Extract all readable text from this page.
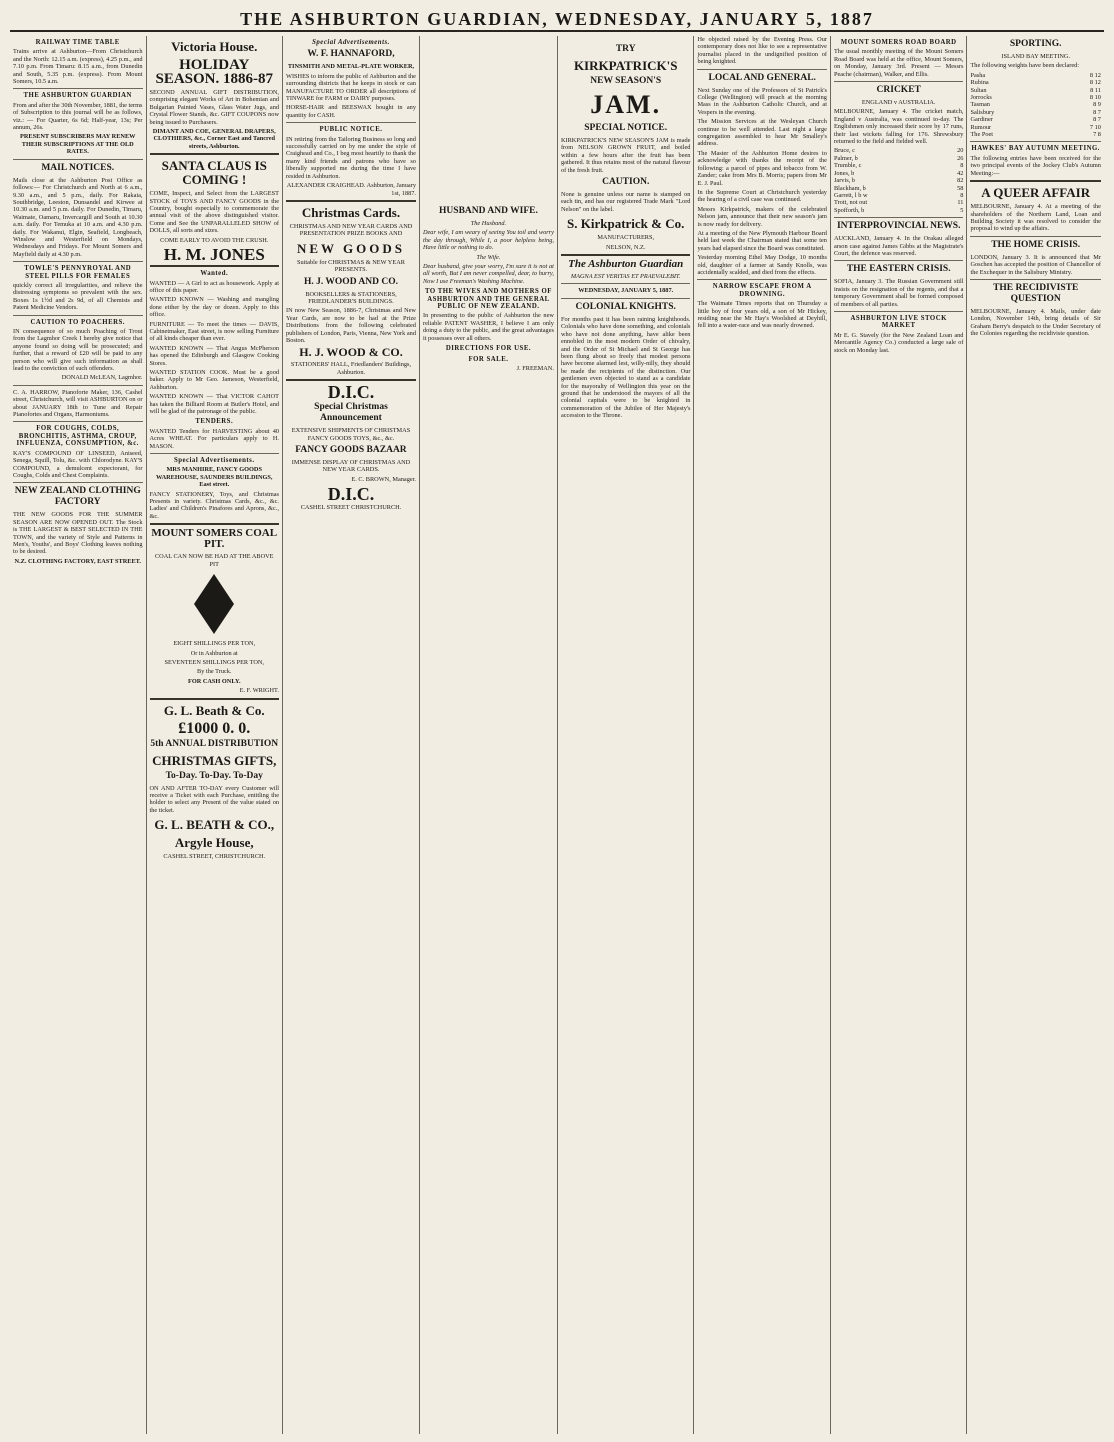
THE ASHBURTON GUARDIAN, WEDNESDAY, JANUARY 5, 1887
RAILWAY TIME TABLE

Trains arrive at Ashburton—From Christchurch and the North: 12.15 a.m. (express), 4.25 p.m., and 7.10 p.m. From Timaru: 8.15 a.m., from Dunedin and South, 5.35 p.m. (express). From Mount Somers, 10.5 a.m.

THE ASHBURTON GUARDIAN

From and after the 30th November, 1881, the terms of Subscription to this journal will be as follows, viz.: — For Quarter, 6s 6d; Half-year, 13s; Per annum, 26s.

PRESENT SUBSCRIBERS MAY RENEW THEIR SUBSCRIPTIONS AT THE OLD RATES.

MAIL NOTICES.

Mails close at the Ashburton Post Office as follows:— For Christchurch and North at 6 a.m., 9.30 a.m., and 5 p.m., daily. For Rakaia, Southbridge, Leeston, Dunsandel and Kirwee at 10.30 a.m. and 5 p.m. daily. For Dunedin, Timaru, Waimate, Oamaru, Invercargill and South at 10.30 a.m. daily. For Temuka at 10 a.m. and 4.30 p.m. daily. For Wakanui, Elgin, Seafield, Longbeach, Winslow and Westerfield on Mondays, Wednesdays and Fridays. For Mount Somers and Mayfield daily at 4.30 p.m.

TOWLE'S PENNYROYAL AND STEEL PILLS FOR FEMALES

quickly correct all irregularities, and relieve the distressing symptoms so prevalent with the sex. Boxes 1s 1½d and 2s 9d, of all Chemists and Patent Medicine Vendors.

CAUTION TO POACHERS.

IN consequence of so much Poaching of Trout from the Lagmhor Creek I hereby give notice that anyone found so doing will be prosecuted; and further, that a reward of £20 will be paid to any person who will give such information as shall lead to the conviction of such offenders.

DONALD McLEAN, Lagmhor.

C. A. HARROW, Pianoforte Maker, 136, Cashel street, Christchurch, will visit ASHBURTON on or about JANUARY 18th to Tune and Repair Pianofortes and Organs, Harmoniums.

FOR COUGHS, COLDS, BRONCHITIS, ASTHMA, CROUP, INFLUENZA, CONSUMPTION, &c.

KAY'S COMPOUND OF LINSEED, Aniseed, Senega, Squill, Tolu, &c. with Chlorodyne. KAY'S COMPOUND, a demulcent expectorant, for Coughs, Colds and Chest Complaints.

NEW ZEALAND CLOTHING FACTORY

THE NEW GOODS FOR THE SUMMER SEASON ARE NOW OPENED OUT. The Stock is THE LARGEST & BEST SELECTED IN THE TOWN, and the variety of Style and Patterns in Men's, Youths', and Boys' Clothing leaves nothing to be desired.

N.Z. CLOTHING FACTORY, EAST STREET.

Victoria House.
HOLIDAY SEASON. 1886-87

SECOND ANNUAL GIFT DISTRIBUTION, comprising elegant Works of Art in Bohemian and Bulgarian Painted Vases, Glass Water Jugs, and Crystal Flower Stands, &c. GIFT COUPONS now being issued to Purchasers.

DIMANT AND COE, GENERAL DRAPERS, CLOTHIERS, &c., Corner East and Tancred streets, Ashburton.

SANTA CLAUS IS COMING !

COME, Inspect, and Select from the LARGEST STOCK of TOYS AND FANCY GOODS in the Country, bought especially to commemorate the annual visit of the above distinguished visitor. Come and See the UNPARALLELED SHOW of DOLLS, all sorts and sizes.

COME EARLY TO AVOID THE CRUSH.

H. M. JONES
Wanted.

WANTED — A Girl to act as housework. Apply at office of this paper.

WANTED KNOWN — Washing and mangling done either by the day or dozen. Apply to this office.

FURNITURE — To meet the times — DAVIS, Cabinetmaker, East street, is now selling Furniture of all kinds cheaper than ever.

WANTED KNOWN — That Angus McPherson has opened the Edinburgh and Glasgow Cooking Stores.

WANTED STATION COOK. Must be a good baker. Apply to Mr Geo. Jameson, Westerfield, Ashburton.

WANTED KNOWN — That VICTOR CAHOT has taken the Billiard Room at Butler's Hotel, and will be glad of the patronage of the public.

TENDERS.

WANTED Tenders for HARVESTING about 40 Acres WHEAT. For particulars apply to H. MASON.

Special Advertisements.

MRS MANHIRE, FANCY GOODS WAREHOUSE, SAUNDERS BUILDINGS, East street.

FANCY STATIONERY, Toys, and Christmas Presents in variety. Christmas Cards, &c., &c. Ladies' and Children's Pinafores and Aprons, &c., &c.

MOUNT SOMERS COAL PIT.

COAL CAN NOW BE HAD AT THE ABOVE PIT

EIGHT SHILLINGS PER TON,

Or in Ashburton at

SEVENTEEN SHILLINGS PER TON,

By the Truck.

FOR CASH ONLY.

E. F. WRIGHT.

G. L. Beath & Co.
£1000 0. 0.
5th ANNUAL DISTRIBUTION
CHRISTMAS GIFTS,
To-Day. To-Day. To-Day

ON AND AFTER TO-DAY every Customer will receive a Ticket with each Purchase, entitling the holder to select any Present of the value stated on the ticket.

G. L. BEATH & CO.,
Argyle House,

CASHEL STREET, CHRISTCHURCH.

Special Advertisements.
W. F. HANNAFORD,

TINSMITH AND METAL-PLATE WORKER,

WISHES to inform the public of Ashburton and the surrounding districts that he keeps in stock or can MANUFACTURE TO ORDER all descriptions of TINWARE for FARM or DAIRY purposes.

HORSE-HAIR and BEESWAX bought in any quantity for CASH.

PUBLIC NOTICE.

IN retiring from the Tailoring Business so long and successfully carried on by me under the style of Craighead and Co., I beg most heartily to thank the many kind friends and patrons who have so liberally supported me during the time I have resided in Ashburton.

ALEXANDER CRAIGHEAD. Ashburton, January 1st, 1887.

Christmas Cards.

CHRISTMAS AND NEW YEAR CARDS AND PRESENTATION PRIZE BOOKS AND

NEW GOODS

Suitable for CHRISTMAS & NEW YEAR PRESENTS.

H. J. WOOD AND CO.

BOOKSELLERS & STATIONERS, FRIEDLANDER'S BUILDINGS.

IN now New Season, 1886-7, Christmas and New Year Cards, are now to be had at the Prize Distributions from the following celebrated publishers of London, Paris, Vienna, New York and Boston.

H. J. WOOD & CO.

STATIONERS' HALL, Friedlanders' Buildings, Ashburton.

D.I.C.
Special Christmas Announcement

EXTENSIVE SHIPMENTS OF CHRISTMAS FANCY GOODS TOYS, &c., &c.

FANCY GOODS BAZAAR

IMMENSE DISPLAY OF CHRISTMAS AND NEW YEAR CARDS.

E. C. BROWN, Manager.

D.I.C.

CASHEL STREET CHRISTCHURCH.

HUSBAND AND WIFE.

The Husband.

Dear wife, I am weary of seeing You toil and worry the day through, While I, a poor helpless being, Have little or nothing to do.

The Wife.

Dear husband, give your worry, I'm sure it is not at all worth, But I am never compelled, dear, to hurry, Now I use Freeman's Washing Machine.

TO THE WIVES AND MOTHERS OF ASHBURTON AND THE GENERAL PUBLIC OF NEW ZEALAND.

In presenting to the public of Ashburton the new reliable PATENT WASHER, I believe I am only doing a duty to the public, and the great advantages it possesses over all others.

DIRECTIONS FOR USE.
FOR SALE.

J. FREEMAN.

TRY
KIRKPATRICK'S
NEW SEASON'S
JAM.
SPECIAL NOTICE.

KIRKPATRICK'S NEW SEASON'S JAM is made from NELSON GROWN FRUIT, and boiled within a few hours after the fruit has been gathered. It thus retains most of the natural flavour of the fresh fruit.

CAUTION.

None is genuine unless our name is stamped on each tin, and has our registered Trade Mark "Lord Nelson" on the label.

S. Kirkpatrick & Co.

MANUFACTURERS,

NELSON, N.Z.

The Ashburton Guardian

MAGNA EST VERITAS ET PRAEVALEBIT.

WEDNESDAY, JANUARY 5, 1887.

COLONIAL KNIGHTS.

For months past it has been raining knighthoods. Colonials who have done something, and colonials who have not done anything, have alike been ennobled in the most modern Order of chivalry, and the Order of St Michael and St George has been flung about so freely that modest persons have become alarmed lest, willy-nilly, they should be made the recipients of the distinction. Our gentlemen even objected to stand as a candidate for the mayoralty of Wellington this year on the ground that he understood the mayors of all the colonial capitals were to be knighted in commemoration of the Jubilee of Her Majesty's accession to the Throne.

He objected raised by the Evening Press. Our contemporary does not like to see a representative journalist placed in the undignified position of being knighted.

LOCAL AND GENERAL.

Next Sunday one of the Professors of St Patrick's College (Wellington) will preach at the morning Mass in the Ashburton Catholic Church, and at Vespers in the evening.

The Mission Services at the Wesleyan Church continue to be well attended. Last night a large congregation assembled to hear Mr Smalley's address.

The Master of the Ashburton Home desires to acknowledge with thanks the receipt of the following: a parcel of pipes and tobacco from W. Zander; cake from Mrs B. Morris; papers from Mr E. J. Paul.

In the Supreme Court at Christchurch yesterday the hearing of a civil case was continued.

Messrs Kirkpatrick, makers of the celebrated Nelson jam, announce that their new season's jam is now ready for delivery.

At a meeting of the New Plymouth Harbour Board held last week the Chairman stated that some ten years had elapsed since the Board was constituted.

Yesterday morning Ethel May Dodge, 10 months old, daughter of a farmer at Sandy Knolls, was accidentally scalded, and died from the effects.

NARROW ESCAPE FROM A DROWNING.

The Waimate Times reports that on Thursday a little boy of four years old, a son of Mr Hickey, residing near the Mr Hay's Woolshed at Deyhill, fell into a water-race and was nearly drowned.

MOUNT SOMERS ROAD BOARD

The usual monthly meeting of the Mount Somers Road Board was held at the office, Mount Somers, on Monday, January 3rd. Present — Messrs Peache (chairman), Walker, and Ellis.

CRICKET

ENGLAND v AUSTRALIA.

MELBOURNE, January 4. The cricket match, England v Australia, was continued to-day. The Englishmen only increased their score by 17 runs, their last wickets falling for 176. Shrewsbury returned to the field and fielded well.

Bruce, c	20
Palmer, b	26
Trumble, c	8
Jones, b	42
Jarvis, b	82
Blackham, b	58
Garrett, l b w	8
Trott, not out	11
Spofforth, b	5
INTERPROVINCIAL NEWS.

AUCKLAND, January 4. In the Orakau alleged arson case against James Gibbs at the Magistrate's Court, the defence was reserved.

THE EASTERN CRISIS.

SOFIA, January 3. The Russian Government still insists on the resignation of the regents, and that a temporary Government shall be formed composed of members of all parties.

ASHBURTON LIVE STOCK MARKET

Mr E. G. Stavely (for the New Zealand Loan and Mercantile Agency Co.) conducted a large sale of stock on Monday last.

SPORTING.

ISLAND BAY MEETING.

The following weights have been declared:

Pasha	8 12
Rubina	8 12
Sultan	8 11
Jorrocks	8 10
Tasman	8 9
Salisbury	8 7
Gardiner	8 7
Rumour	7 10
The Poet	7 8
HAWKES' BAY AUTUMN MEETING.

The following entries have been received for the two principal events of the Jockey Club's Autumn Meeting:—

A QUEER AFFAIR

MELBOURNE, January 4. At a meeting of the shareholders of the Northern Land, Loan and Building Society it was resolved to consider the proposal to wind up the affairs.

THE HOME CRISIS.

LONDON, January 3. It is announced that Mr Goschen has accepted the position of Chancellor of the Exchequer in the Salisbury Ministry.

THE RECIDIVISTE QUESTION

MELBOURNE, January 4. Mails, under date London, November 14th, bring details of Sir Graham Berry's despatch to the Under Secretary of the Colonies regarding the recidiviste question.
